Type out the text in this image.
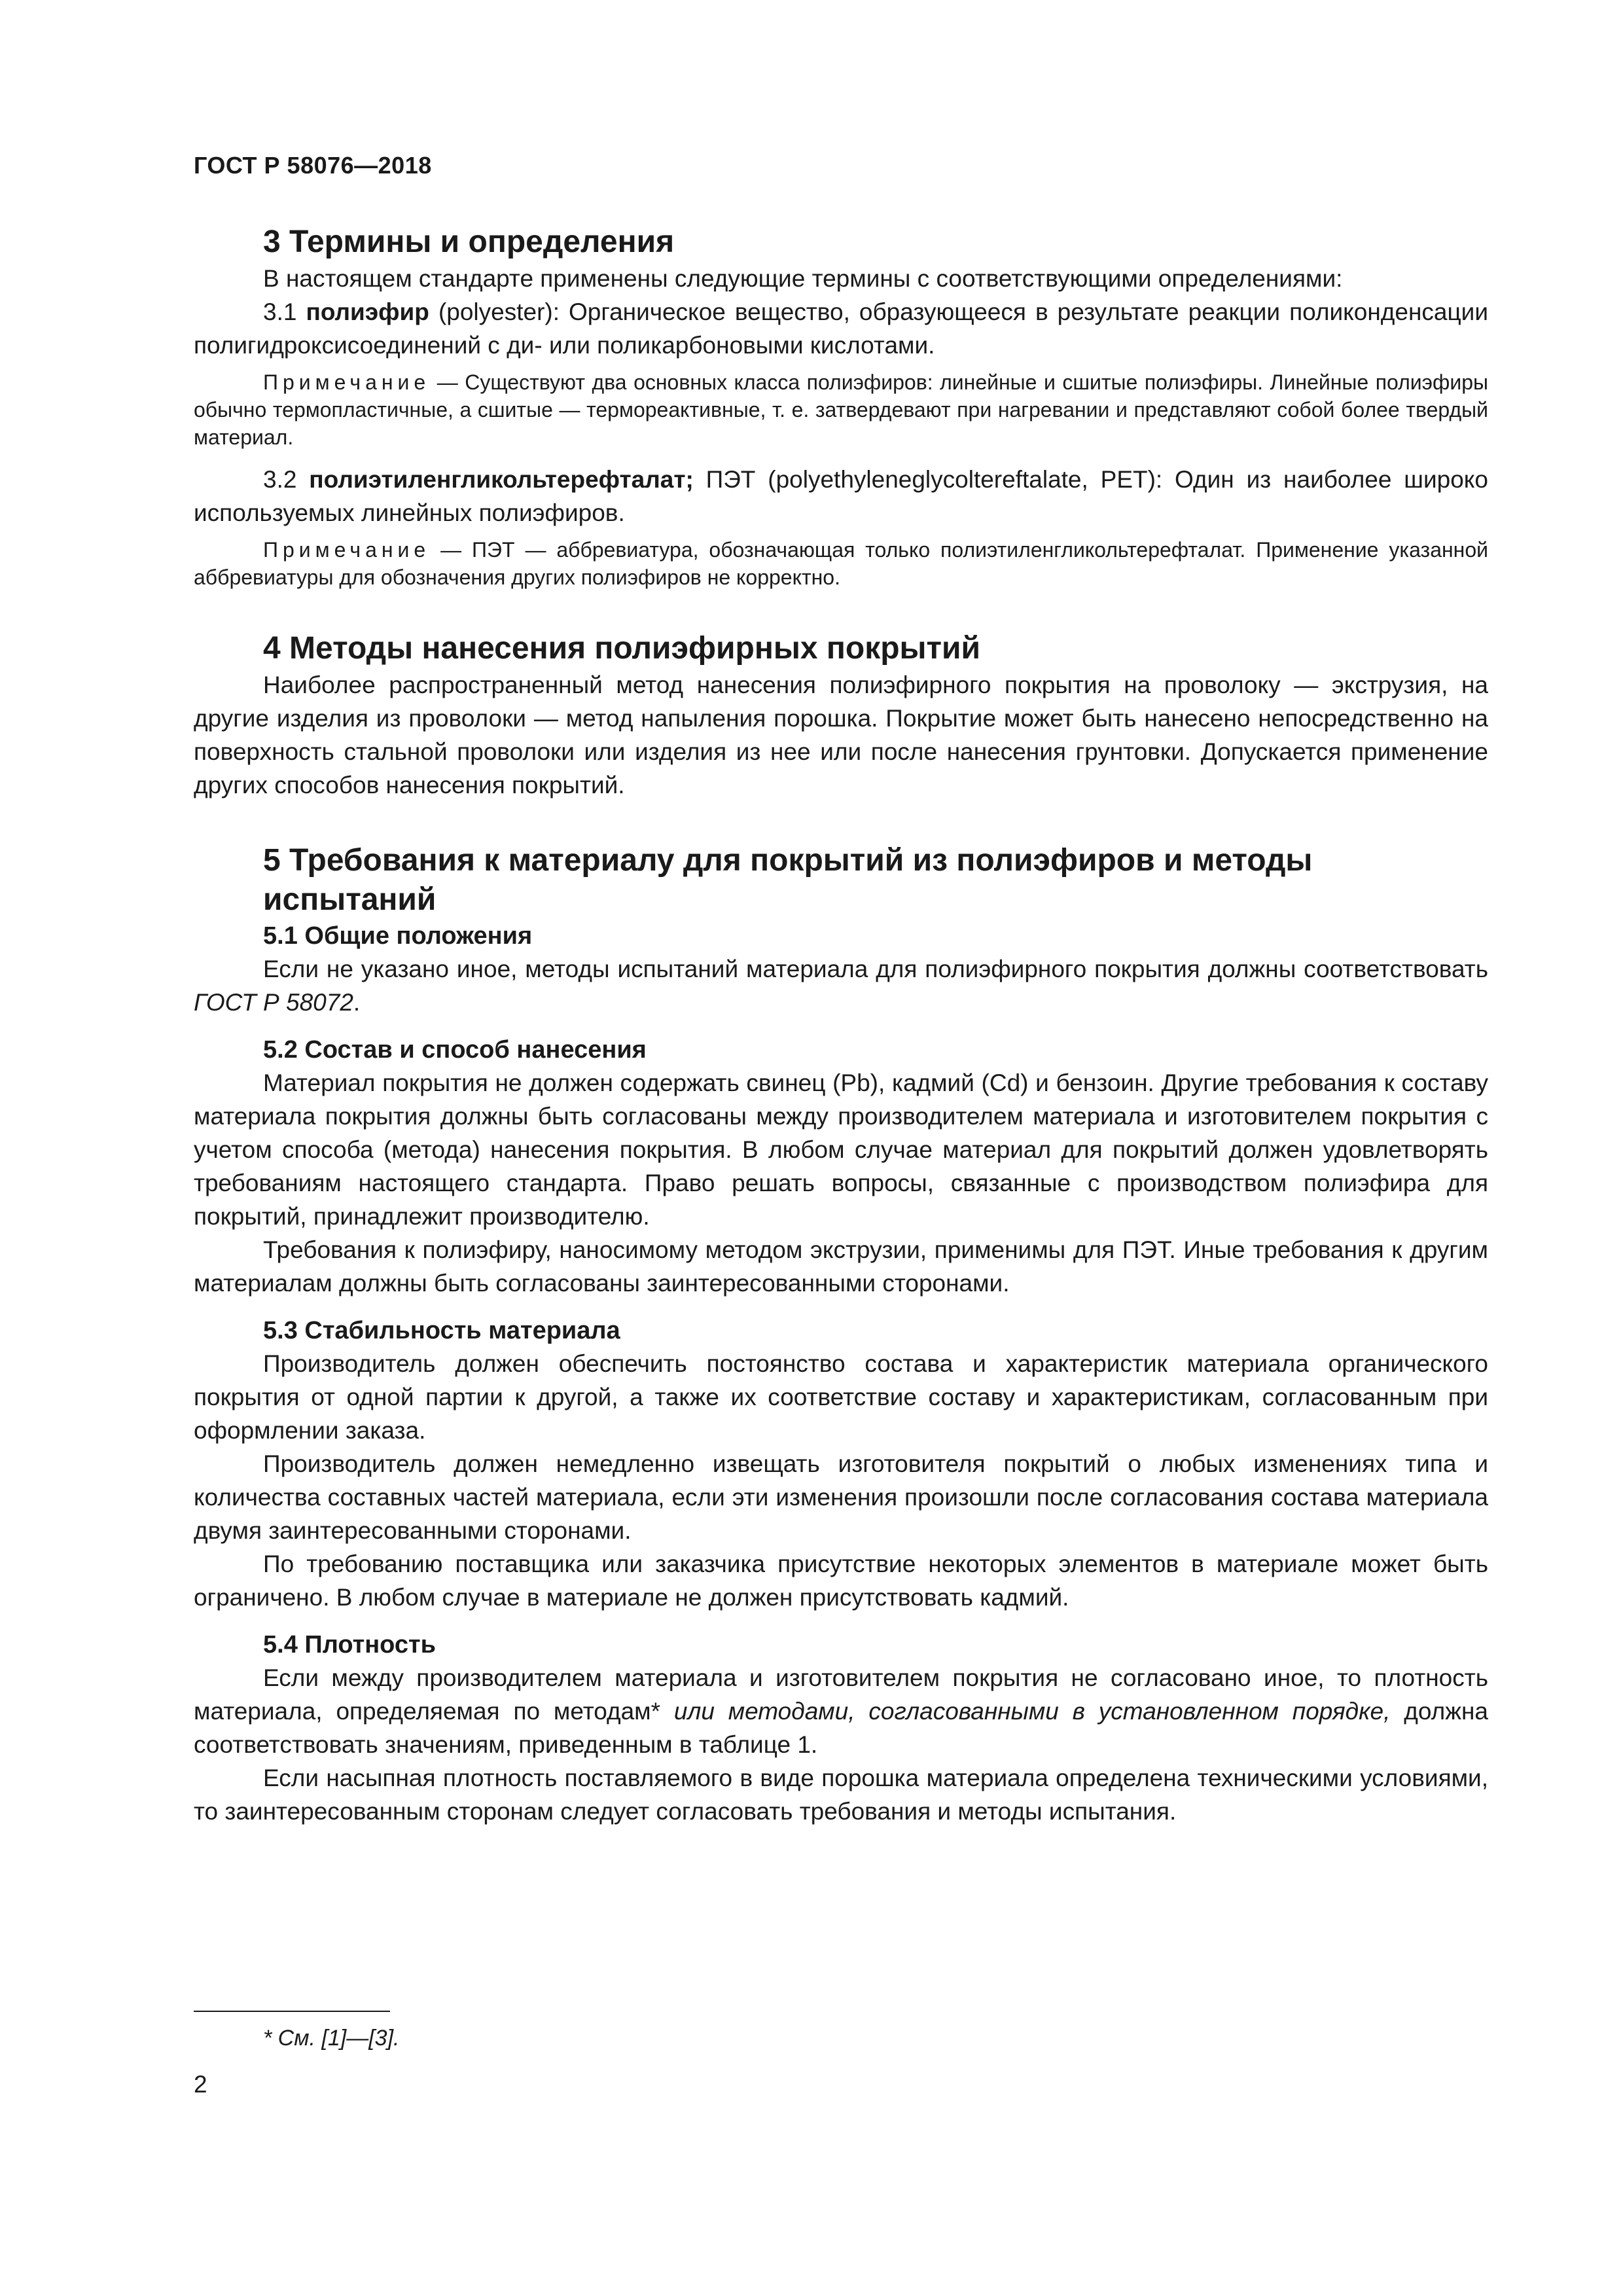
ГОСТ Р 58076—2018

3 Термины и определения

В настоящем стандарте применены следующие термины с соответствующими определениями:

3.1 полиэфир (polyester): Органическое вещество, образующееся в результате реакции поликонденсации полигидроксисоединений с ди- или поликарбоновыми кислотами.

Примечание — Существуют два основных класса полиэфиров: линейные и сшитые полиэфиры. Линейные полиэфиры обычно термопластичные, а сшитые — термореактивные, т. е. затвердевают при нагревании и представляют собой более твердый материал.

3.2 полиэтиленгликольтерефталат; ПЭТ (polyethyleneglycoltereftalate, PET): Один из наиболее широко используемых линейных полиэфиров.

Примечание — ПЭТ — аббревиатура, обозначающая только полиэтиленгликольтерефталат. Применение указанной аббревиатуры для обозначения других полиэфиров не корректно.

4 Методы нанесения полиэфирных покрытий

Наиболее распространенный метод нанесения полиэфирного покрытия на проволоку — экструзия, на другие изделия из проволоки — метод напыления порошка. Покрытие может быть нанесено непосредственно на поверхность стальной проволоки или изделия из нее или после нанесения грунтовки. Допускается применение других способов нанесения покрытий.

5 Требования к материалу для покрытий из полиэфиров и методы испытаний

5.1 Общие положения

Если не указано иное, методы испытаний материала для полиэфирного покрытия должны соответствовать ГОСТ Р 58072.

5.2 Состав и способ нанесения

Материал покрытия не должен содержать свинец (Pb), кадмий (Cd) и бензоин. Другие требования к составу материала покрытия должны быть согласованы между производителем материала и изготовителем покрытия с учетом способа (метода) нанесения покрытия. В любом случае материал для покрытий должен удовлетворять требованиям настоящего стандарта. Право решать вопросы, связанные с производством полиэфира для покрытий, принадлежит производителю.

Требования к полиэфиру, наносимому методом экструзии, применимы для ПЭТ. Иные требования к другим материалам должны быть согласованы заинтересованными сторонами.

5.3 Стабильность материала

Производитель должен обеспечить постоянство состава и характеристик материала органического покрытия от одной партии к другой, а также их соответствие составу и характеристикам, согласованным при оформлении заказа.

Производитель должен немедленно извещать изготовителя покрытий о любых изменениях типа и количества составных частей материала, если эти изменения произошли после согласования состава материала двумя заинтересованными сторонами.

По требованию поставщика или заказчика присутствие некоторых элементов в материале может быть ограничено. В любом случае в материале не должен присутствовать кадмий.

5.4 Плотность

Если между производителем материала и изготовителем покрытия не согласовано иное, то плотность материала, определяемая по методам* или методами, согласованными в установленном порядке, должна соответствовать значениям, приведенным в таблице 1.

Если насыпная плотность поставляемого в виде порошка материала определена техническими условиями, то заинтересованным сторонам следует согласовать требования и методы испытания.

* См. [1]—[3].
2
